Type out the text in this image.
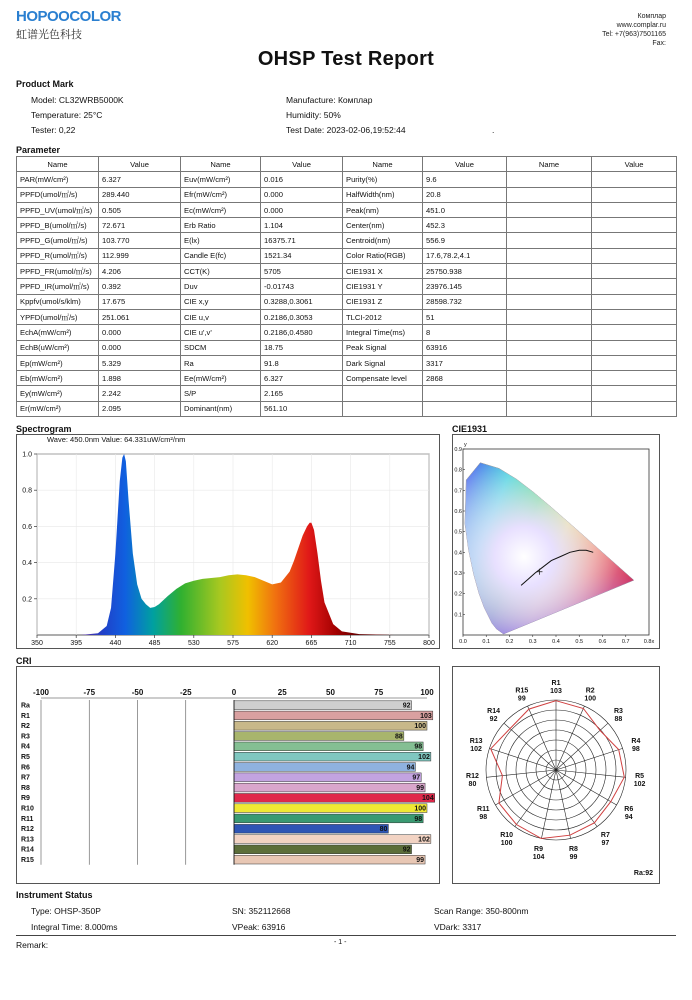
HOPOOCOLOR
虹谱光色科技
Комплар
www.complar.ru
Tel: +7(963)7501165
Fax:
OHSP Test Report
Product Mark
Model: CL32WRB5000K	Manufacture: Комплар
Temperature: 25°C	Humidity: 50%
Tester: 0,22	Test Date: 2023-02-06,19:52:44	.
Parameter
Name	Value	Name	Value	Name	Value	Name	Value
PAR(mW/cm²)	6.327	Euv(mW/cm²)	0.016	Purity(%)	9.6		
PPFD(umol/㎡/s)	289.440	Efr(mW/cm²)	0.000	HalfWidth(nm)	20.8		
PPFD_UV(umol/㎡/s)	0.505	Ec(mW/cm²)	0.000	Peak(nm)	451.0		
PPFD_B(umol/㎡/s)	72.671	Erb Ratio	1.104	Center(nm)	452.3		
PPFD_G(umol/㎡/s)	103.770	E(lx)	16375.71	Centroid(nm)	556.9		
PPFD_R(umol/㎡/s)	112.999	Candle E(fc)	1521.34	Color Ratio(RGB)	17.6,78.2,4.1		
PPFD_FR(umol/㎡/s)	4.206	CCT(K)	5705	CIE1931 X	25750.938		
PPFD_IR(umol/㎡/s)	0.392	Duv	-0.01743	CIE1931 Y	23976.145		
Kppfv(umol/s/klm)	17.675	CIE x,y	0.3288,0.3061	CIE1931 Z	28598.732		
YPFD(umol/㎡/s)	251.061	CIE u,v	0.2186,0.3053	TLCI-2012	51		
EchA(mW/cm²)	0.000	CIE u',v'	0.2186,0.4580	Integral Time(ms)	8		
EchB(uW/cm²)	0.000	SDCM	18.75	Peak Signal	63916		
Ep(mW/cm²)	5.329	Ra	91.8	Dark Signal	3317		
Eb(mW/cm²)	1.898	Ee(mW/cm²)	6.327	Compensate level	2868		
Ey(mW/cm²)	2.242	S/P	2.165				
Er(mW/cm²)	2.095	Dominant(nm)	561.10				
Spectrogram
Wave: 450.0nm Value: 64.331uW/cm²/nm
350	395	440	485	530	575	620	665	710	755	800
0.2
0.4
0.6
0.8
1.0
CIE1931
0.0	0.1	0.2	0.3	0.4	0.5	0.6	0.7	0.8x
0.1
0.2
0.3
0.4
0.5
0.6
0.7
0.8
0.9
y
CRI
-100	-75	-50	-25	0	25	50	75	100
Ra	92
R1	103
R2	100
R3	88
R4	98
R5	102
R6	94
R7	97
R8	99
R9	104
R10	100
R11	98
R12	80
R13	102
R14	92
R15	99
R1
103	R2
100
R3
88
R4
98
R5
102
R6
94
R7
97
R8
99
R9
104
R10
100
R11
98
R12
80
R13
102
R14
92
R15
99
Ra:92
Instrument Status
Type: OHSP-350P	SN: 352112668	Scan Range: 350-800nm
Integral Time: 8.000ms	VPeak: 63916	VDark: 3317
Remark:	- 1 -
